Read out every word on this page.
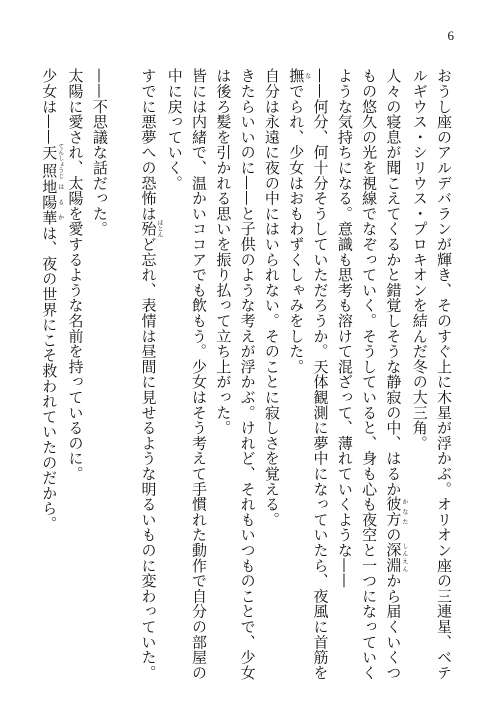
6

おうし座のアルデバランが輝き、そのすぐ上に木星が浮かぶ。オリオン座の三連星、ベテルギウス・シリウス・プロキオンを結んだ冬の大三角。

人々の寝息が聞こえてくるかと錯覚しそうな静寂の中、はるか彼方かなたの深淵しんえんから届くいくつもの悠久の光を視線でなぞっていく。そうしていると、身も心も夜空と一つになっていくような気持ちになる。意識も思考も溶けて混ざって、薄れていくような——

——何分、何十分そうしていただろうか。天体観測に夢中になっていたら、夜風に首筋を撫なでられ、少女はおもわずくしゃみをした。

自分は永遠に夜の中にはいられない。そのことに寂しさを覚える。

きたらいいのに——と子供のような考えが浮かぶ。けれど、それもいつものことで、少女は後ろ髪を引かれる思いを振り払って立ち上がった。

皆には内緒で、温かいココアでも飲もう。少女はそう考えて手慣れた動作で自分の部屋の中に戻っていく。

すでに悪夢への恐怖は殆ほとんど忘れ、表情は昼間に見せるような明るいものに変わっていた。

——不思議な話だった。

太陽に愛され、太陽を愛するような名前を持っているのに。

少女は——天照てんしょうじ地陽華はるかは、夜の世界にこそ救われていたのだから。
